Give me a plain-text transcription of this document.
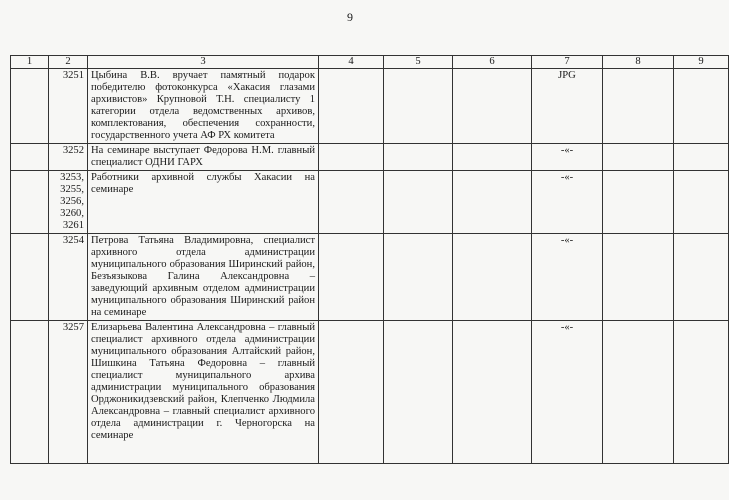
9
1	2	3	4	5	6	7	8	9

	3251	Цыбина В.В. вручает памятный подарок победителю фотоконкурса «Хакасия глазами архивистов» Крупновой Т.Н. специалисту 1 категории отдела ведомственных архивов, комплектования, обеспечения сохранности, государственного учета АФ РХ комитета				JPG		

	3252	На семинаре выступает Федорова Н.М. главный специалист ОДНИ ГАРХ				-«-		

	3253,
3255,
3256,
3260,
3261	Работники архивной службы Хакасии на семинаре				-«-		

	3254	Петрова Татьяна Владимировна, специалист архивного отдела администрации муниципального образования Ширинский район, Безъязыкова Галина Александровна – заведующий архивным отделом администрации муниципального образования Ширинский район на семинаре				-«-		

	3257	Елизарьева Валентина Александровна – главный специалист архивного отдела администрации муниципального образования Алтайский район, Шишкина Татьяна Федоровна – главный специалист муниципального архива администрации муниципального образования Орджоникидзевский район, Клепченко Людмила Александровна – главный специалист архивного отдела администрации г. Черногорска на семинаре				-«-		
